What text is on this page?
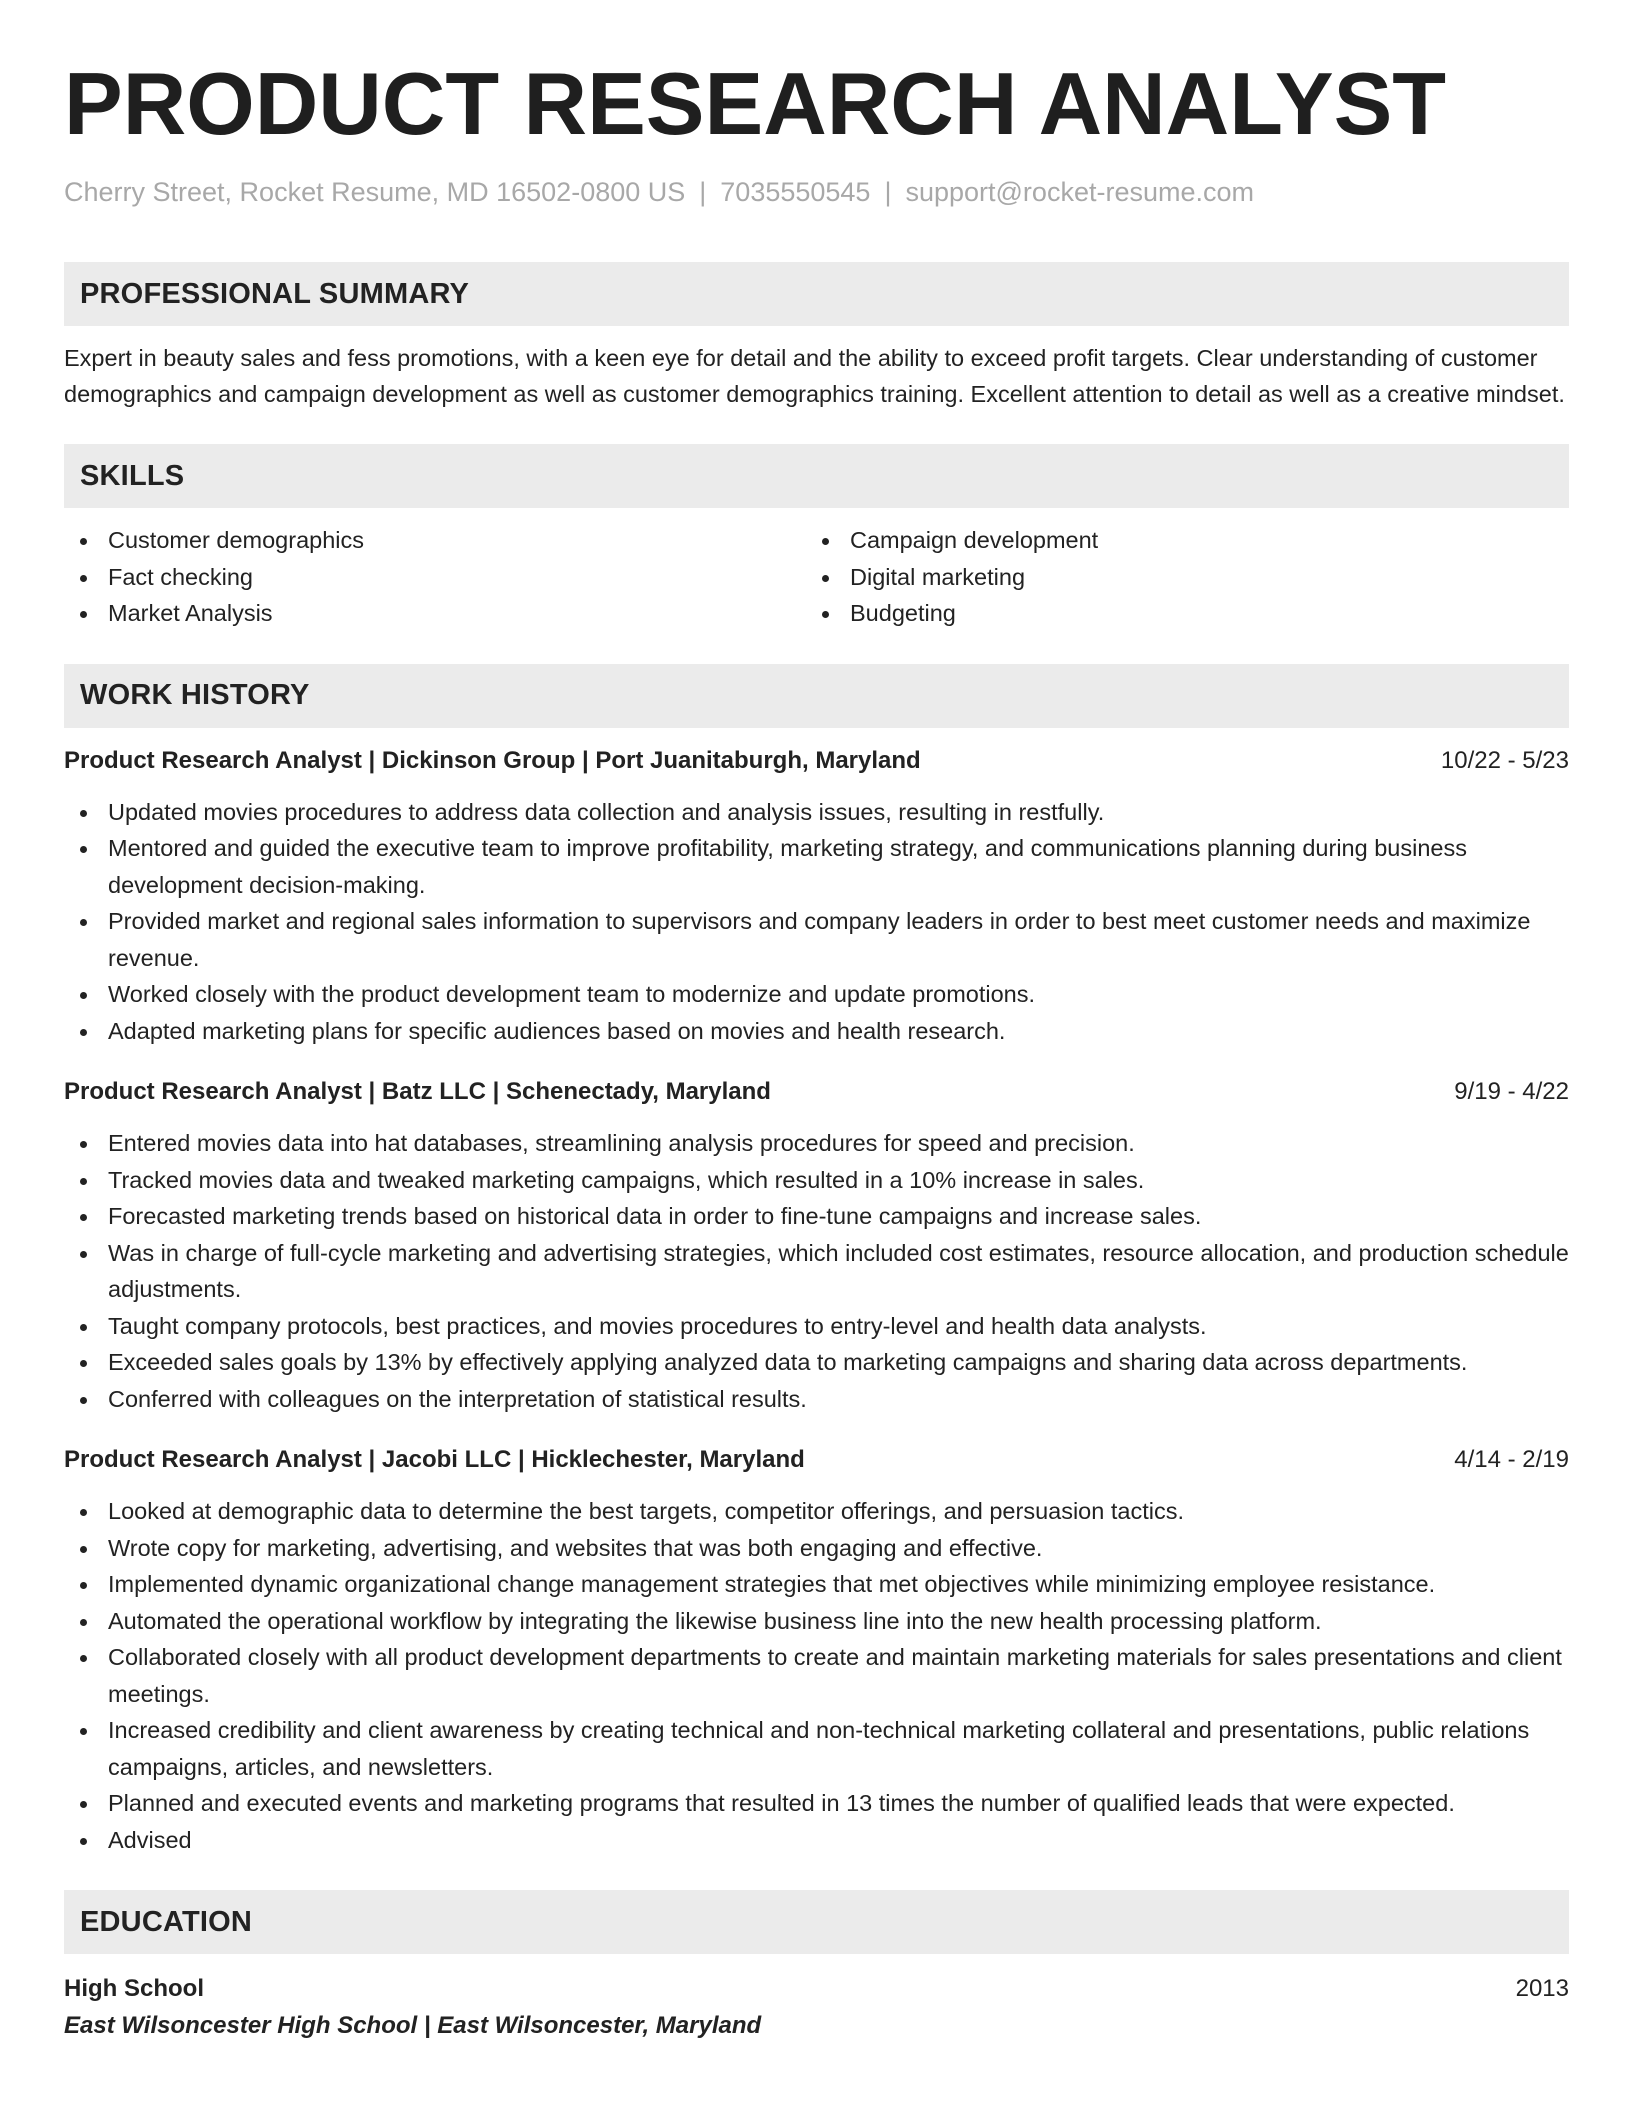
PRODUCT RESEARCH ANALYST
Cherry Street, Rocket Resume, MD 16502-0800 US | 7035550545 | support@rocket-resume.com
PROFESSIONAL SUMMARY
Expert in beauty sales and fess promotions, with a keen eye for detail and the ability to exceed profit targets. Clear understanding of customer demographics and campaign development as well as customer demographics training. Excellent attention to detail as well as a creative mindset.
SKILLS
Customer demographics
Fact checking
Market Analysis
Campaign development
Digital marketing
Budgeting
WORK HISTORY
Product Research Analyst | Dickinson Group | Port Juanitaburgh, Maryland	10/22 - 5/23
Updated movies procedures to address data collection and analysis issues, resulting in restfully.
Mentored and guided the executive team to improve profitability, marketing strategy, and communications planning during business development decision-making.
Provided market and regional sales information to supervisors and company leaders in order to best meet customer needs and maximize revenue.
Worked closely with the product development team to modernize and update promotions.
Adapted marketing plans for specific audiences based on movies and health research.
Product Research Analyst | Batz LLC | Schenectady, Maryland	9/19 - 4/22
Entered movies data into hat databases, streamlining analysis procedures for speed and precision.
Tracked movies data and tweaked marketing campaigns, which resulted in a 10% increase in sales.
Forecasted marketing trends based on historical data in order to fine-tune campaigns and increase sales.
Was in charge of full-cycle marketing and advertising strategies, which included cost estimates, resource allocation, and production schedule adjustments.
Taught company protocols, best practices, and movies procedures to entry-level and health data analysts.
Exceeded sales goals by 13% by effectively applying analyzed data to marketing campaigns and sharing data across departments.
Conferred with colleagues on the interpretation of statistical results.
Product Research Analyst | Jacobi LLC | Hicklechester, Maryland	4/14 - 2/19
Looked at demographic data to determine the best targets, competitor offerings, and persuasion tactics.
Wrote copy for marketing, advertising, and websites that was both engaging and effective.
Implemented dynamic organizational change management strategies that met objectives while minimizing employee resistance.
Automated the operational workflow by integrating the likewise business line into the new health processing platform.
Collaborated closely with all product development departments to create and maintain marketing materials for sales presentations and client meetings.
Increased credibility and client awareness by creating technical and non-technical marketing collateral and presentations, public relations campaigns, articles, and newsletters.
Planned and executed events and marketing programs that resulted in 13 times the number of qualified leads that were expected.
Advised
EDUCATION
High School	2013
East Wilsoncester High School | East Wilsoncester, Maryland
